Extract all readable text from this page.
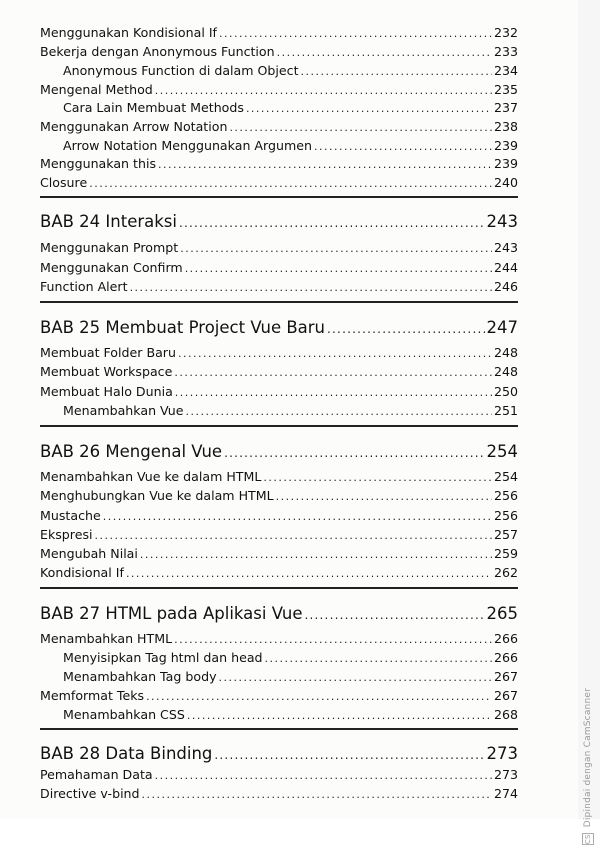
Menggunakan Kondisional If .....	232
Bekerja dengan Anonymous Function .....	233
Anonymous Function di dalam Object .....	234
Mengenal Method .....	235
Cara Lain Membuat Methods .....	237
Menggunakan Arrow Notation .....	238
Arrow Notation Menggunakan Argumen .....	239
Menggunakan this .....	239
Closure .....	240
BAB 24 Interaksi .....	243
Menggunakan Prompt .....	243
Menggunakan Confirm .....	244
Function Alert .....	246
BAB 25 Membuat Project Vue Baru .....	247
Membuat Folder Baru .....	248
Membuat Workspace .....	248
Membuat Halo Dunia .....	250
Menambahkan Vue .....	251
BAB 26 Mengenal Vue .....	254
Menambahkan Vue ke dalam HTML .....	254
Menghubungkan Vue ke dalam HTML .....	256
Mustache .....	256
Ekspresi .....	257
Mengubah Nilai .....	259
Kondisional If .....	262
BAB 27 HTML pada Aplikasi Vue .....	265
Menambahkan HTML .....	266
Menyisipkan Tag html dan head .....	266
Menambahkan Tag body .....	267
Memformat Teks .....	267
Menambahkan CSS .....	268
BAB 28 Data Binding .....	273
Pemahaman Data .....	273
Directive v-bind .....	274
CS Dipindai dengan CamScanner
